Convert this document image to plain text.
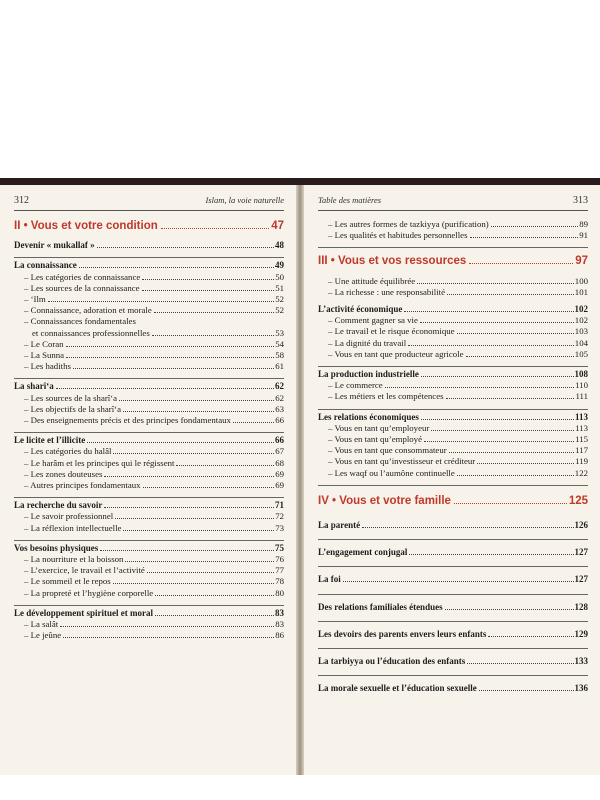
312	Islam, la voie naturelle
II • Vous et votre condition	47
Devenir « mukallaf »	48
La connaissance	49
– Les catégories de connaissance	50
– Les sources de la connaissance	51
– ‘Ilm	52
– Connaissance, adoration et morale	52
– Connaissances fondamentales
et connaissances professionnelles	53
– Le Coran	54
– La Sunna	58
– Les hadiths	61
La sharî‘a	62
– Les sources de la sharî‘a	62
– Les objectifs de la sharî‘a	63
– Des enseignements précis et des principes fondamentaux	66
Le licite et l’illicite	66
– Les catégories du halâl	67
– Le harâm et les principes qui le régissent	68
– Les zones douteuses	69
– Autres principes fondamentaux	69
La recherche du savoir	71
– Le savoir professionnel	72
– La réflexion intellectuelle	73
Vos besoins physiques	75
– La nourriture et la boisson	76
– L’exercice, le travail et l’activité	77
– Le sommeil et le repos	78
– La propreté et l’hygiène corporelle	80
Le développement spirituel et moral	83
– La salât	83
– Le jeûne	86
Table des matières	313
– Les autres formes de tazkiyya (purification)	89
– Les qualités et habitudes personnelles	91
III • Vous et vos ressources	97
– Une attitude équilibrée	100
– La richesse : une responsabilité	101
L’activité économique	102
– Comment gagner sa vie	102
– Le travail et le risque économique	103
– La dignité du travail	104
– Vous en tant que producteur agricole	105
La production industrielle	108
– Le commerce	110
– Les métiers et les compétences	111
Les relations économiques	113
– Vous en tant qu’employeur	113
– Vous en tant qu’employé	115
– Vous en tant que consommateur	117
– Vous en tant qu’investisseur et créditeur	119
– Les waqf ou l’aumône continuelle	122
IV • Vous et votre famille	125
La parenté	126
L’engagement conjugal	127
La foi	127
Des relations familiales étendues	128
Les devoirs des parents envers leurs enfants	129
La tarbiyya ou l’éducation des enfants	133
La morale sexuelle et l’éducation sexuelle	136
